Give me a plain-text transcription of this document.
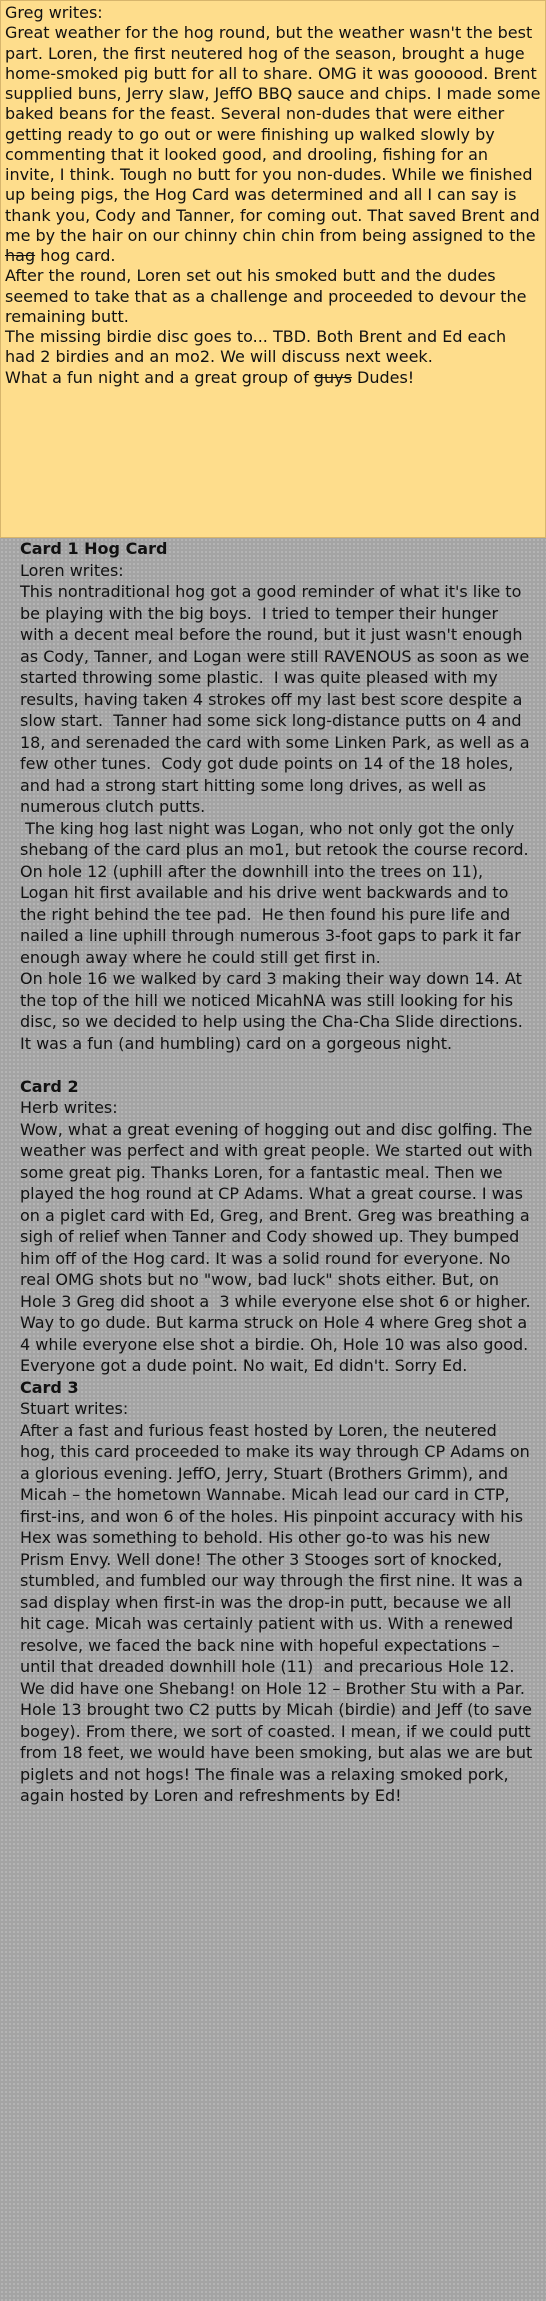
Greg writes:

Great weather for the hog round, but the weather wasn't the best part. Loren, the first neutered hog of the season, brought a huge home-smoked pig butt for all to share. OMG it was goooood. Brent supplied buns, Jerry slaw, JeffO BBQ sauce and chips. I made some baked beans for the feast. Several non-dudes that were either getting ready to go out or were finishing up walked slowly by commenting that it looked good, and drooling, fishing for an invite, I think. Tough no butt for you non-dudes. While we finished up being pigs, the Hog Card was determined and all I can say is thank you, Cody and Tanner, for coming out. That saved Brent and me by the hair on our chinny chin chin from being assigned to the hag hog card.

After the round, Loren set out his smoked butt and the dudes seemed to take that as a challenge and proceeded to devour the remaining butt.

The missing birdie disc goes to... TBD. Both Brent and Ed each had 2 birdies and an mo2. We will discuss next week.

What a fun night and a great group of guys Dudes!

Card 1 Hog Card

Loren writes:

This nontraditional hog got a good reminder of what it's like to be playing with the big boys.  I tried to temper their hunger with a decent meal before the round, but it just wasn't enough as Cody, Tanner, and Logan were still RAVENOUS as soon as we started throwing some plastic.  I was quite pleased with my results, having taken 4 strokes off my last best score despite a slow start.  Tanner had some sick long-distance putts on 4 and 18, and serenaded the card with some Linken Park, as well as a few other tunes.  Cody got dude points on 14 of the 18 holes, and had a strong start hitting some long drives, as well as numerous clutch putts.

The king hog last night was Logan, who not only got the only shebang of the card plus an mo1, but retook the course record.  On hole 12 (uphill after the downhill into the trees on 11), Logan hit first available and his drive went backwards and to the right behind the tee pad.  He then found his pure life and nailed a line uphill through numerous 3-foot gaps to park it far enough away where he could still get first in.

On hole 16 we walked by card 3 making their way down 14. At the top of the hill we noticed MicahNA was still looking for his disc, so we decided to help using the Cha-Cha Slide directions.  It was a fun (and humbling) card on a gorgeous night.

Card 2

Herb writes:

Wow, what a great evening of hogging out and disc golfing. The weather was perfect and with great people. We started out with some great pig. Thanks Loren, for a fantastic meal. Then we played the hog round at CP Adams. What a great course. I was on a piglet card with Ed, Greg, and Brent. Greg was breathing a sigh of relief when Tanner and Cody showed up. They bumped him off of the Hog card. It was a solid round for everyone. No real OMG shots but no "wow, bad luck" shots either. But, on Hole 3 Greg did shoot a  3 while everyone else shot 6 or higher. Way to go dude. But karma struck on Hole 4 where Greg shot a 4 while everyone else shot a birdie. Oh, Hole 10 was also good. Everyone got a dude point. No wait, Ed didn't. Sorry Ed.

Card 3

Stuart writes:

After a fast and furious feast hosted by Loren, the neutered hog, this card proceeded to make its way through CP Adams on a glorious evening. JeffO, Jerry, Stuart (Brothers Grimm), and Micah – the hometown Wannabe. Micah lead our card in CTP, first-ins, and won 6 of the holes. His pinpoint accuracy with his Hex was something to behold. His other go-to was his new Prism Envy. Well done! The other 3 Stooges sort of knocked, stumbled, and fumbled our way through the first nine. It was a sad display when first-in was the drop-in putt, because we all hit cage. Micah was certainly patient with us. With a renewed resolve, we faced the back nine with hopeful expectations – until that dreaded downhill hole (11)  and precarious Hole 12. We did have one Shebang! on Hole 12 – Brother Stu with a Par. Hole 13 brought two C2 putts by Micah (birdie) and Jeff (to save bogey). From there, we sort of coasted. I mean, if we could putt from 18 feet, we would have been smoking, but alas we are but piglets and not hogs! The finale was a relaxing smoked pork, again hosted by Loren and refreshments by Ed!
